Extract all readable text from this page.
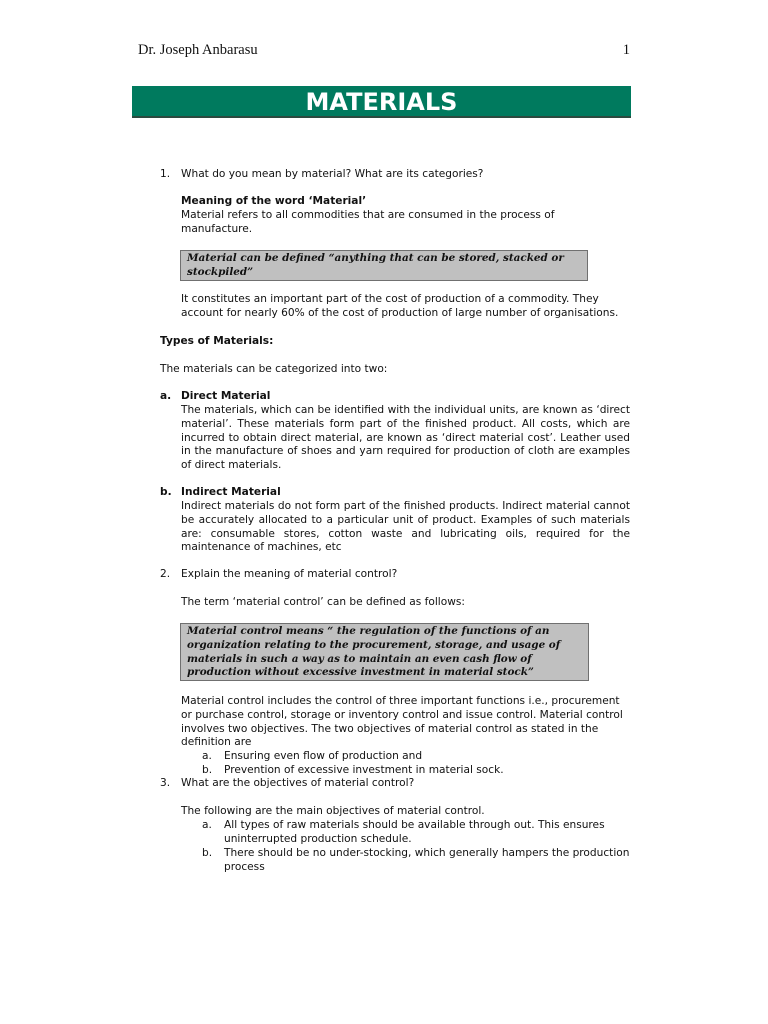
Dr. Joseph Anbarasu	1
MATERIALS
1. What do you mean by material? What are its categories?
Meaning of the word ‘Material’
Material refers to all commodities that are consumed in the process of manufacture.
Material can be defined “anything that can be stored, stacked or stockpiled”
It constitutes an important part of the cost of production of a commodity. They account for nearly 60% of the cost of production of large number of organisations.
Types of Materials:
The materials can be categorized into two:
a. Direct Material
The materials, which can be identified with the individual units, are known as ‘direct material’. These materials form part of the finished product. All costs, which are incurred to obtain direct material, are known as ‘direct material cost’. Leather used in the manufacture of shoes and yarn required for production of cloth are examples of direct materials.
b. Indirect Material
Indirect materials do not form part of the finished products. Indirect material cannot be accurately allocated to a particular unit of product. Examples of such materials are: consumable stores, cotton waste and lubricating oils, required for the maintenance of machines, etc
2. Explain the meaning of material control?
The term ‘material control’ can be defined as follows:
Material control means “ the regulation of the functions of an organization relating to the procurement, storage, and usage of materials in such a way as to maintain an even cash flow of production without excessive investment in material stock”
Material control includes the control of three important functions i.e., procurement or purchase control, storage or inventory control and issue control. Material control involves two objectives. The two objectives of material control as stated in the definition are
a. Ensuring even flow of production and
b. Prevention of excessive investment in material sock.
3. What are the objectives of material control?
The following are the main objectives of material control.
a. All types of raw materials should be available through out. This ensures uninterrupted production schedule.
b. There should be no under-stocking, which generally hampers the production process
